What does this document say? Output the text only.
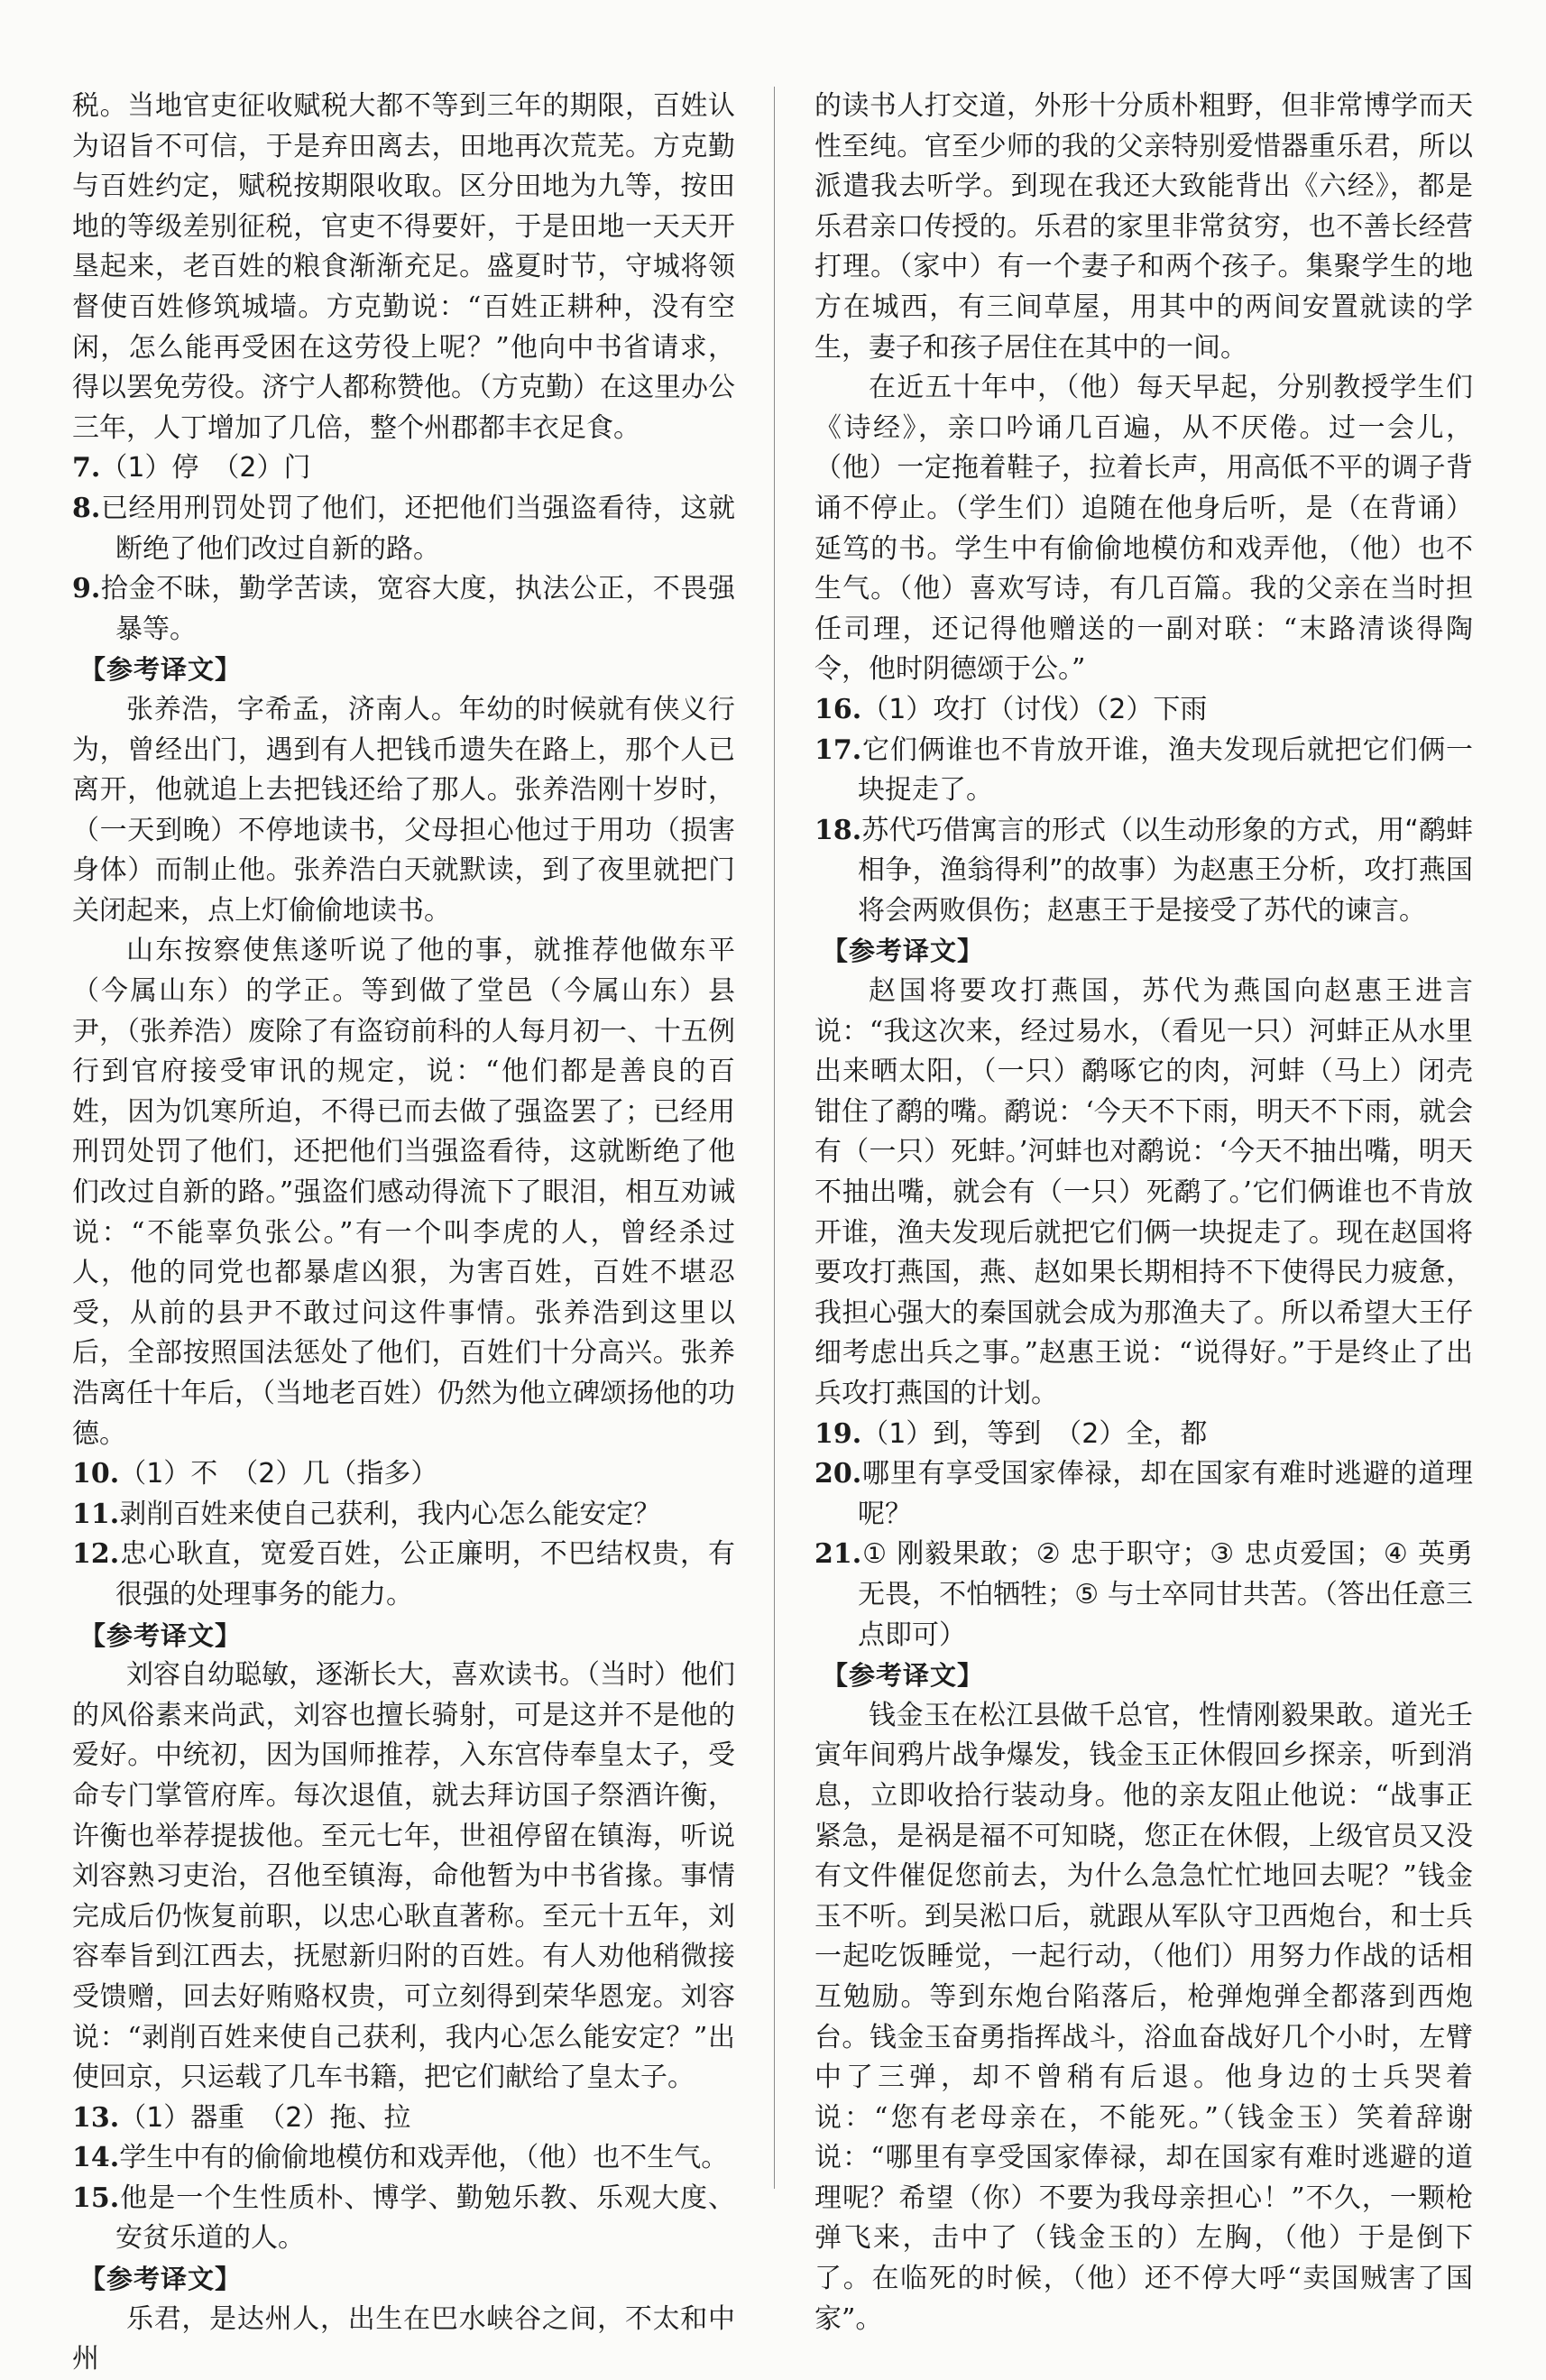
税。当地官吏征收赋税大都不等到三年的期限，百姓认为诏旨不可信，于是弃田离去，田地再次荒芜。方克勤与百姓约定，赋税按期限收取。区分田地为九等，按田地的等级差别征税，官吏不得要奸，于是田地一天天开垦起来，老百姓的粮食渐渐充足。盛夏时节，守城将领督使百姓修筑城墙。方克勤说：“百姓正耕种，没有空闲，怎么能再受困在这劳役上呢？”他向中书省请求，得以罢免劳役。济宁人都称赞他。（方克勤）在这里办公三年，人丁增加了几倍，整个州郡都丰衣足食。
7.（1）停　（2）门
8.已经用刑罚处罚了他们，还把他们当强盗看待，这就断绝了他们改过自新的路。
9.拾金不昧，勤学苦读，宽容大度，执法公正，不畏强暴等。
【参考译文】
张养浩，字希孟，济南人。年幼的时候就有侠义行为，曾经出门，遇到有人把钱币遗失在路上，那个人已离开，他就追上去把钱还给了那人。张养浩刚十岁时，（一天到晚）不停地读书，父母担心他过于用功（损害身体）而制止他。张养浩白天就默读，到了夜里就把门关闭起来，点上灯偷偷地读书。
山东按察使焦遂听说了他的事，就推荐他做东平（今属山东）的学正。等到做了堂邑（今属山东）县尹，（张养浩）废除了有盗窃前科的人每月初一、十五例行到官府接受审讯的规定，说：“他们都是善良的百姓，因为饥寒所迫，不得已而去做了强盗罢了；已经用刑罚处罚了他们，还把他们当强盗看待，这就断绝了他们改过自新的路。”强盗们感动得流下了眼泪，相互劝诫说：“不能辜负张公。”有一个叫李虎的人，曾经杀过人，他的同党也都暴虐凶狠，为害百姓，百姓不堪忍受，从前的县尹不敢过问这件事情。张养浩到这里以后，全部按照国法惩处了他们，百姓们十分高兴。张养浩离任十年后，（当地老百姓）仍然为他立碑颂扬他的功德。
10.（1）不　（2）几（指多）
11.剥削百姓来使自己获利，我内心怎么能安定？
12.忠心耿直，宽爱百姓，公正廉明，不巴结权贵，有很强的处理事务的能力。
【参考译文】
刘容自幼聪敏，逐渐长大，喜欢读书。（当时）他们的风俗素来尚武，刘容也擅长骑射，可是这并不是他的爱好。中统初，因为国师推荐，入东宫侍奉皇太子，受命专门掌管府库。每次退值，就去拜访国子祭酒许衡，许衡也举荐提拔他。至元七年，世祖停留在镇海，听说刘容熟习吏治，召他至镇海，命他暂为中书省掾。事情完成后仍恢复前职，以忠心耿直著称。至元十五年，刘容奉旨到江西去，抚慰新归附的百姓。有人劝他稍微接受馈赠，回去好贿赂权贵，可立刻得到荣华恩宠。刘容说：“剥削百姓来使自己获利，我内心怎么能安定？”出使回京，只运载了几车书籍，把它们献给了皇太子。
13.（1）器重　（2）拖、拉
14.学生中有的偷偷地模仿和戏弄他，（他）也不生气。
15.他是一个生性质朴、博学、勤勉乐教、乐观大度、安贫乐道的人。
【参考译文】
乐君，是达州人，出生在巴水峡谷之间，不太和中州
的读书人打交道，外形十分质朴粗野，但非常博学而天性至纯。官至少师的我的父亲特别爱惜器重乐君，所以派遣我去听学。到现在我还大致能背出《六经》，都是乐君亲口传授的。乐君的家里非常贫穷，也不善长经营打理。（家中）有一个妻子和两个孩子。集聚学生的地方在城西，有三间草屋，用其中的两间安置就读的学生，妻子和孩子居住在其中的一间。
在近五十年中，（他）每天早起，分别教授学生们《诗经》，亲口吟诵几百遍，从不厌倦。过一会儿，（他）一定拖着鞋子，拉着长声，用高低不平的调子背诵不停止。（学生们）追随在他身后听，是（在背诵）延笃的书。学生中有偷偷地模仿和戏弄他，（他）也不生气。（他）喜欢写诗，有几百篇。我的父亲在当时担任司理，还记得他赠送的一副对联：“末路清谈得陶令，他时阴德颂于公。”
16.（1）攻打（讨伐）（2）下雨
17.它们俩谁也不肯放开谁，渔夫发现后就把它们俩一块捉走了。
18.苏代巧借寓言的形式（以生动形象的方式，用“鹬蚌相争，渔翁得利”的故事）为赵惠王分析，攻打燕国将会两败俱伤；赵惠王于是接受了苏代的谏言。
【参考译文】
赵国将要攻打燕国，苏代为燕国向赵惠王进言说：“我这次来，经过易水，（看见一只）河蚌正从水里出来晒太阳，（一只）鹬啄它的肉，河蚌（马上）闭壳钳住了鹬的嘴。鹬说：‘今天不下雨，明天不下雨，就会有（一只）死蚌。’河蚌也对鹬说：‘今天不抽出嘴，明天不抽出嘴，就会有（一只）死鹬了。’它们俩谁也不肯放开谁，渔夫发现后就把它们俩一块捉走了。现在赵国将要攻打燕国，燕、赵如果长期相持不下使得民力疲惫，我担心强大的秦国就会成为那渔夫了。所以希望大王仔细考虑出兵之事。”赵惠王说：“说得好。”于是终止了出兵攻打燕国的计划。
19.（1）到，等到　（2）全，都
20.哪里有享受国家俸禄，却在国家有难时逃避的道理呢？
21.① 刚毅果敢；② 忠于职守；③ 忠贞爱国；④ 英勇无畏，不怕牺牲；⑤ 与士卒同甘共苦。（答出任意三点即可）
【参考译文】
钱金玉在松江县做千总官，性情刚毅果敢。道光壬寅年间鸦片战争爆发，钱金玉正休假回乡探亲，听到消息，立即收拾行装动身。他的亲友阻止他说：“战事正紧急，是祸是福不可知晓，您正在休假，上级官员又没有文件催促您前去，为什么急急忙忙地回去呢？”钱金玉不听。到吴淞口后，就跟从军队守卫西炮台，和士兵一起吃饭睡觉，一起行动，（他们）用努力作战的话相互勉励。等到东炮台陷落后，枪弹炮弹全都落到西炮台。钱金玉奋勇指挥战斗，浴血奋战好几个小时，左臂中了三弹，却不曾稍有后退。他身边的士兵哭着说：“您有老母亲在，不能死。”（钱金玉）笑着辞谢说：“哪里有享受国家俸禄，却在国家有难时逃避的道理呢？希望（你）不要为我母亲担心！”不久，一颗枪弹飞来，击中了（钱金玉的）左胸，（他）于是倒下了。在临死的时候，（他）还不停大呼“卖国贼害了国家”。
